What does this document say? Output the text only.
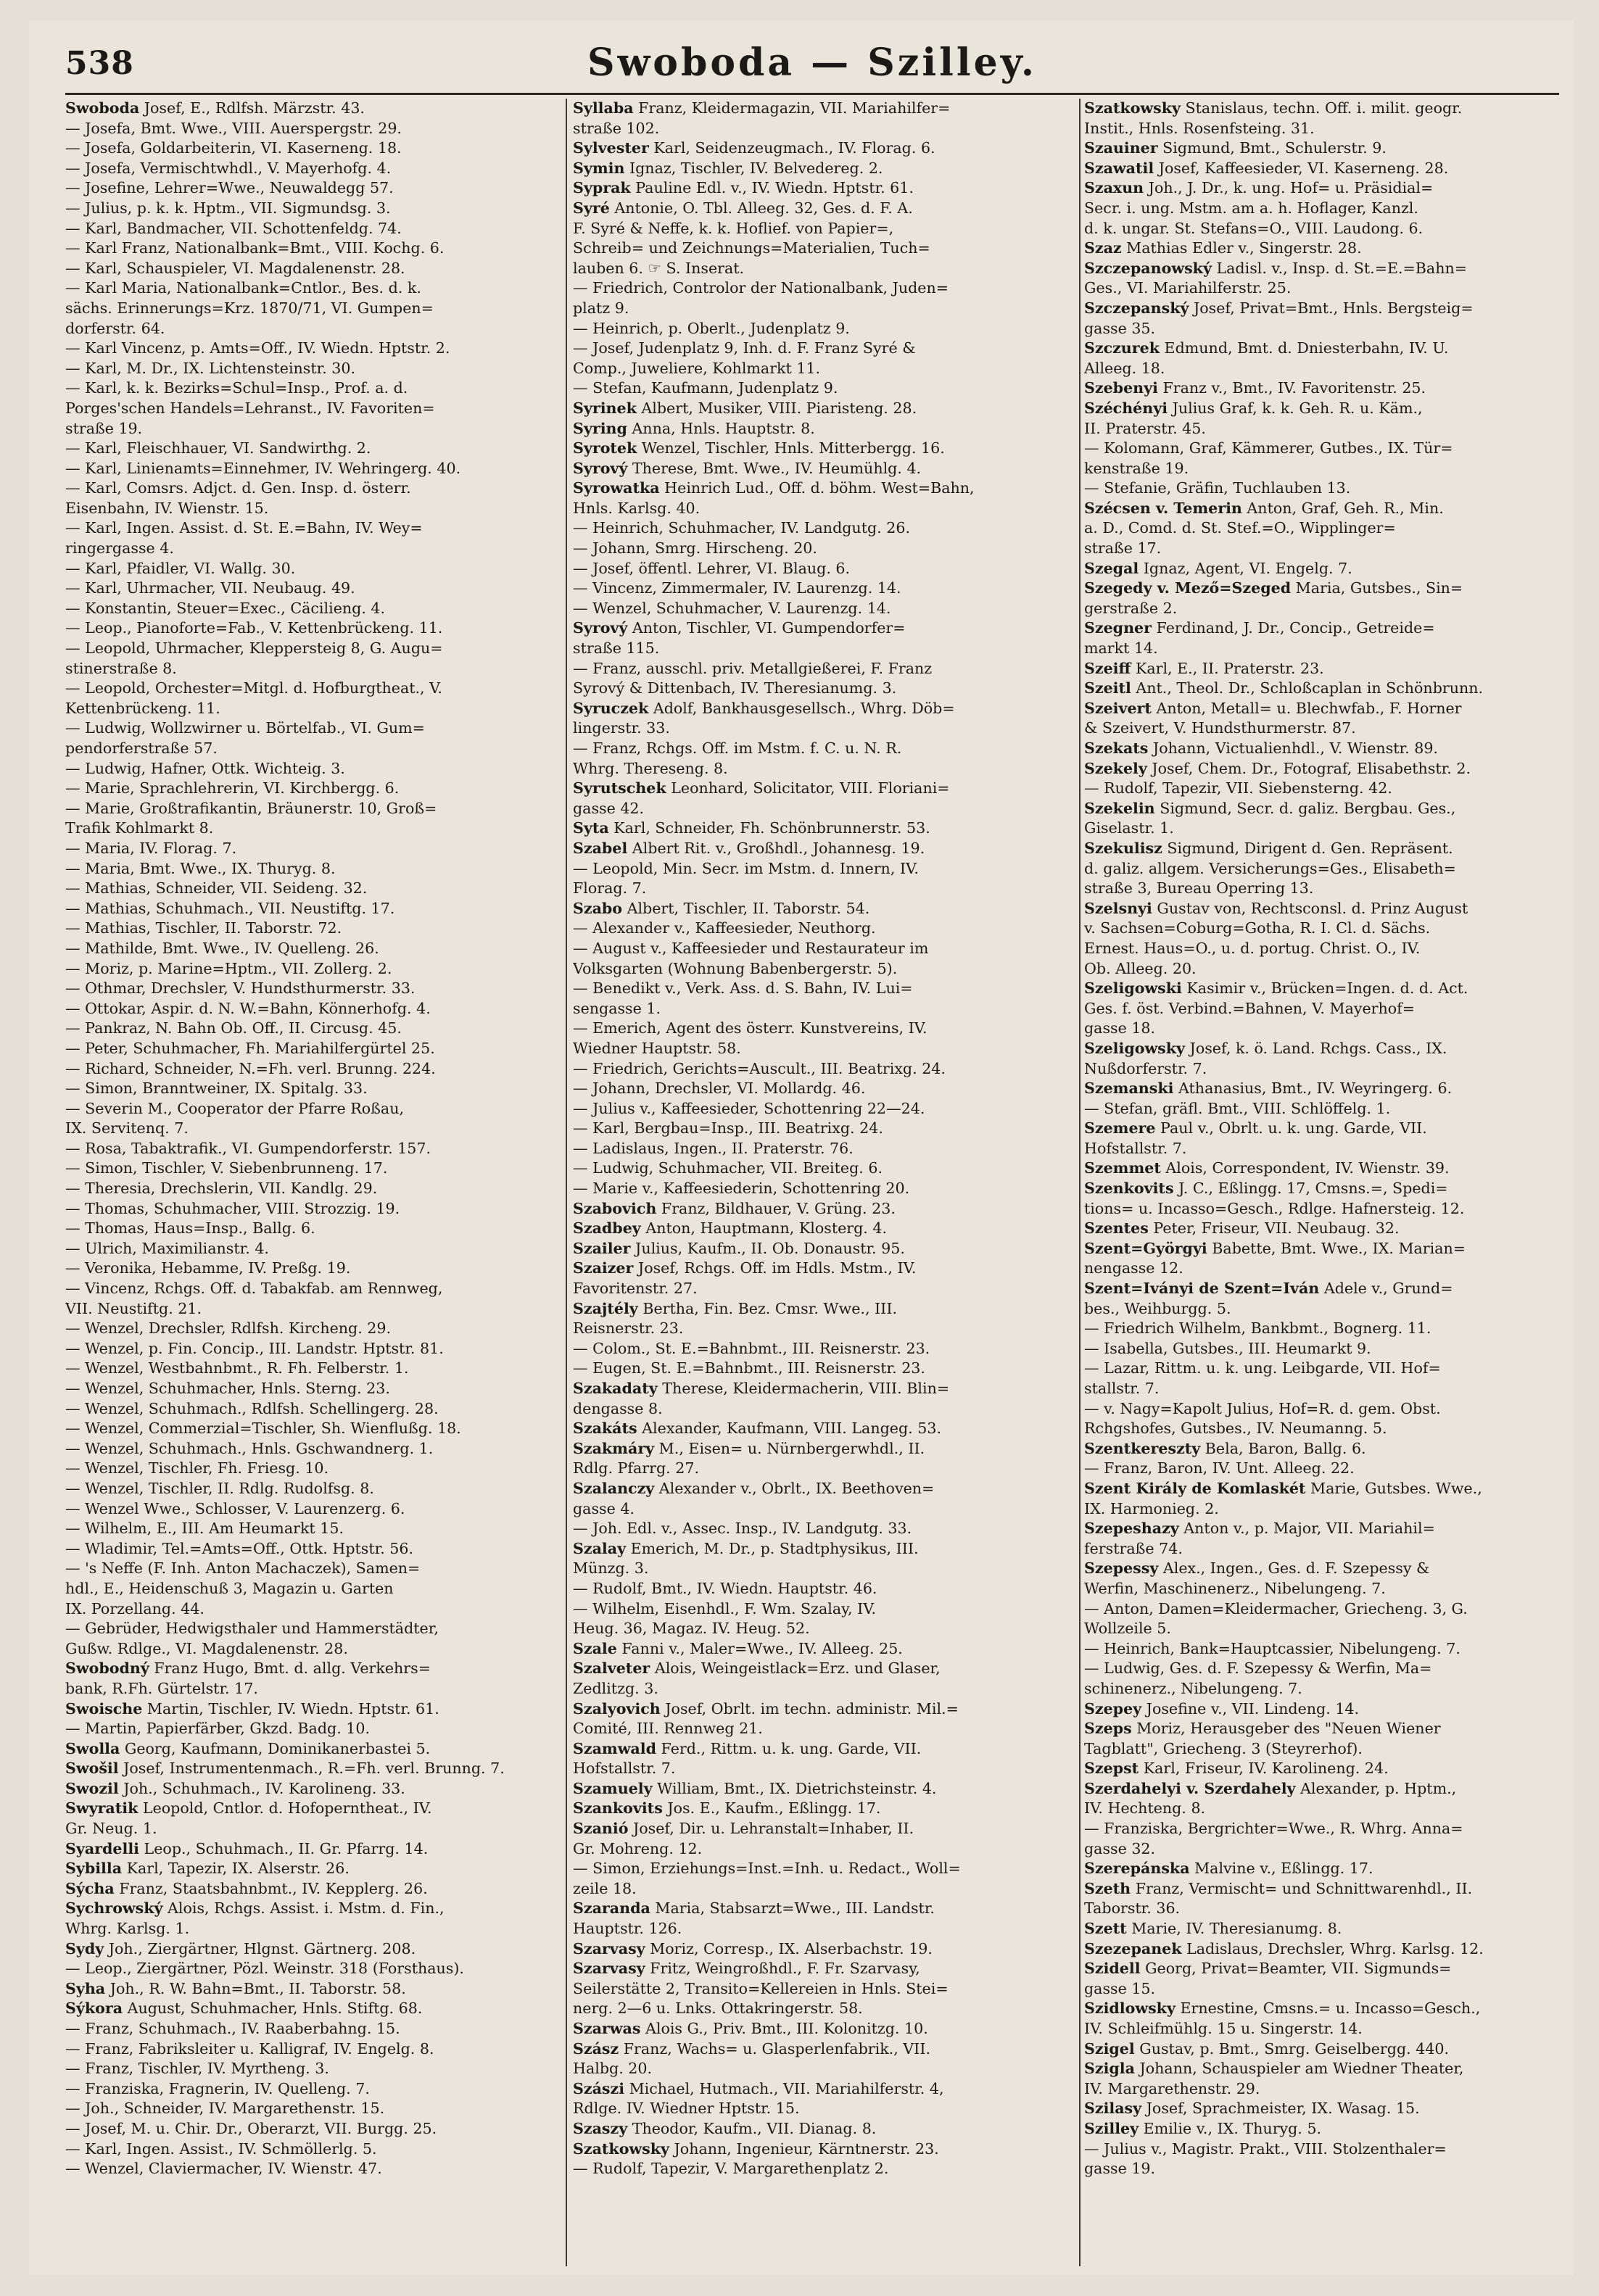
538	Swoboda — Szilley.
Swoboda Josef, E., Rdlfsh. Märzstr. 43.
— Josefa, Bmt. Wwe., VIII. Auerspergstr. 29.
— Josefa, Goldarbeiterin, VI. Kaserneng. 18.
— Josefa, Vermischtwhdl., V. Mayerhofg. 4.
— Josefine, Lehrer=Wwe., Neuwaldegg 57.
— Julius, p. k. k. Hptm., VII. Sigmundsg. 3.
— Karl, Bandmacher, VII. Schottenfeldg. 74.
— Karl Franz, Nationalbank=Bmt., VIII. Kochg. 6.
— Karl, Schauspieler, VI. Magdalenenstr. 28.
— Karl Maria, Nationalbank=Cntlor., Bes. d. k.
sächs. Erinnerungs=Krz. 1870/71, VI. Gumpen=
dorferstr. 64.
— Karl Vincenz, p. Amts=Off., IV. Wiedn. Hptstr. 2.
— Karl, M. Dr., IX. Lichtensteinstr. 30.
— Karl, k. k. Bezirks=Schul=Insp., Prof. a. d.
Porges'schen Handels=Lehranst., IV. Favoriten=
straße 19.
— Karl, Fleischhauer, VI. Sandwirthg. 2.
— Karl, Linienamts=Einnehmer, IV. Wehringerg. 40.
— Karl, Comsrs. Adjct. d. Gen. Insp. d. österr.
Eisenbahn, IV. Wienstr. 15.
— Karl, Ingen. Assist. d. St. E.=Bahn, IV. Wey=
ringergasse 4.
— Karl, Pfaidler, VI. Wallg. 30.
— Karl, Uhrmacher, VII. Neubaug. 49.
— Konstantin, Steuer=Exec., Cäcilieng. 4.
— Leop., Pianoforte=Fab., V. Kettenbrückeng. 11.
— Leopold, Uhrmacher, Kleppersteig 8, G. Augu=
stinerstraße 8.
— Leopold, Orchester=Mitgl. d. Hofburgtheat., V.
Kettenbrückeng. 11.
— Ludwig, Wollzwirner u. Börtelfab., VI. Gum=
pendorferstraße 57.
— Ludwig, Hafner, Ottk. Wichteig. 3.
— Marie, Sprachlehrerin, VI. Kirchbergg. 6.
— Marie, Großtrafikantin, Bräunerstr. 10, Groß=
Trafik Kohlmarkt 8.
— Maria, IV. Florag. 7.
— Maria, Bmt. Wwe., IX. Thuryg. 8.
— Mathias, Schneider, VII. Seideng. 32.
— Mathias, Schuhmach., VII. Neustiftg. 17.
— Mathias, Tischler, II. Taborstr. 72.
— Mathilde, Bmt. Wwe., IV. Quelleng. 26.
— Moriz, p. Marine=Hptm., VII. Zollerg. 2.
— Othmar, Drechsler, V. Hundsthurmerstr. 33.
— Ottokar, Aspir. d. N. W.=Bahn, Könnerhofg. 4.
— Pankraz, N. Bahn Ob. Off., II. Circusg. 45.
— Peter, Schuhmacher, Fh. Mariahilfergürtel 25.
— Richard, Schneider, N.=Fh. verl. Brunng. 224.
— Simon, Branntweiner, IX. Spitalg. 33.
— Severin M., Cooperator der Pfarre Roßau,
IX. Servitenq. 7.
— Rosa, Tabaktrafik., VI. Gumpendorferstr. 157.
— Simon, Tischler, V. Siebenbrunneng. 17.
— Theresia, Drechslerin, VII. Kandlg. 29.
— Thomas, Schuhmacher, VIII. Strozzig. 19.
— Thomas, Haus=Insp., Ballg. 6.
— Ulrich, Maximilianstr. 4.
— Veronika, Hebamme, IV. Preßg. 19.
— Vincenz, Rchgs. Off. d. Tabakfab. am Rennweg,
VII. Neustiftg. 21.
— Wenzel, Drechsler, Rdlfsh. Kircheng. 29.
— Wenzel, p. Fin. Concip., III. Landstr. Hptstr. 81.
— Wenzel, Westbahnbmt., R. Fh. Felberstr. 1.
— Wenzel, Schuhmacher, Hnls. Sterng. 23.
— Wenzel, Schuhmach., Rdlfsh. Schellingerg. 28.
— Wenzel, Commerzial=Tischler, Sh. Wienflußg. 18.
— Wenzel, Schuhmach., Hnls. Gschwandnerg. 1.
— Wenzel, Tischler, Fh. Friesg. 10.
— Wenzel, Tischler, II. Rdlg. Rudolfsg. 8.
— Wenzel Wwe., Schlosser, V. Laurenzerg. 6.
— Wilhelm, E., III. Am Heumarkt 15.
— Wladimir, Tel.=Amts=Off., Ottk. Hptstr. 56.
— 's Neffe (F. Inh. Anton Machaczek), Samen=
hdl., E., Heidenschuß 3, Magazin u. Garten
IX. Porzellang. 44.
— Gebrüder, Hedwigsthaler und Hammerstädter,
Gußw. Rdlge., VI. Magdalenenstr. 28.
Swobodný Franz Hugo, Bmt. d. allg. Verkehrs=
bank, R.Fh. Gürtelstr. 17.
Swoische Martin, Tischler, IV. Wiedn. Hptstr. 61.
— Martin, Papierfärber, Gkzd. Badg. 10.
Swolla Georg, Kaufmann, Dominikanerbastei 5.
Swošil Josef, Instrumentenmach., R.=Fh. verl. Brunng. 7.
Swozil Joh., Schuhmach., IV. Karolineng. 33.
Swyratik Leopold, Cntlor. d. Hofoperntheat., IV.
Gr. Neug. 1.
Syardelli Leop., Schuhmach., II. Gr. Pfarrg. 14.
Sybilla Karl, Tapezir, IX. Alserstr. 26.
Sýcha Franz, Staatsbahnbmt., IV. Kepplerg. 26.
Sychrowský Alois, Rchgs. Assist. i. Mstm. d. Fin.,
Whrg. Karlsg. 1.
Sydy Joh., Ziergärtner, Hlgnst. Gärtnerg. 208.
— Leop., Ziergärtner, Pözl. Weinstr. 318 (Forsthaus).
Syha Joh., R. W. Bahn=Bmt., II. Taborstr. 58.
Sýkora August, Schuhmacher, Hnls. Stiftg. 68.
— Franz, Schuhmach., IV. Raaberbahng. 15.
— Franz, Fabriksleiter u. Kalligraf, IV. Engelg. 8.
— Franz, Tischler, IV. Myrtheng. 3.
— Franziska, Fragnerin, IV. Quelleng. 7.
— Joh., Schneider, IV. Margarethenstr. 15.
— Josef, M. u. Chir. Dr., Oberarzt, VII. Burgg. 25.
— Karl, Ingen. Assist., IV. Schmöllerlg. 5.
— Wenzel, Claviermacher, IV. Wienstr. 47.
Syllaba Franz, Kleidermagazin, VII. Mariahilfer=
straße 102.
Sylvester Karl, Seidenzeugmach., IV. Florag. 6.
Symin Ignaz, Tischler, IV. Belvedereg. 2.
Syprak Pauline Edl. v., IV. Wiedn. Hptstr. 61.
Syré Antonie, O. Tbl. Alleeg. 32, Ges. d. F. A.
F. Syré & Neffe, k. k. Hoflief. von Papier=,
Schreib= und Zeichnungs=Materialien, Tuch=
lauben 6. ☞ S. Inserat.
— Friedrich, Controlor der Nationalbank, Juden=
platz 9.
— Heinrich, p. Oberlt., Judenplatz 9.
— Josef, Judenplatz 9, Inh. d. F. Franz Syré &
Comp., Juweliere, Kohlmarkt 11.
— Stefan, Kaufmann, Judenplatz 9.
Syrinek Albert, Musiker, VIII. Piaristeng. 28.
Syring Anna, Hnls. Hauptstr. 8.
Syrotek Wenzel, Tischler, Hnls. Mitterbergg. 16.
Syrový Therese, Bmt. Wwe., IV. Heumühlg. 4.
Syrowatka Heinrich Lud., Off. d. böhm. West=Bahn,
Hnls. Karlsg. 40.
— Heinrich, Schuhmacher, IV. Landgutg. 26.
— Johann, Smrg. Hirscheng. 20.
— Josef, öffentl. Lehrer, VI. Blaug. 6.
— Vincenz, Zimmermaler, IV. Laurenzg. 14.
— Wenzel, Schuhmacher, V. Laurenzg. 14.
Syrový Anton, Tischler, VI. Gumpendorfer=
straße 115.
— Franz, ausschl. priv. Metallgießerei, F. Franz
Syrový & Dittenbach, IV. Theresianumg. 3.
Syruczek Adolf, Bankhausgesellsch., Whrg. Döb=
lingerstr. 33.
— Franz, Rchgs. Off. im Mstm. f. C. u. N. R.
Whrg. Thereseng. 8.
Syrutschek Leonhard, Solicitator, VIII. Floriani=
gasse 42.
Syta Karl, Schneider, Fh. Schönbrunnerstr. 53.
Szabel Albert Rit. v., Großhdl., Johannesg. 19.
— Leopold, Min. Secr. im Mstm. d. Innern, IV.
Florag. 7.
Szabo Albert, Tischler, II. Taborstr. 54.
— Alexander v., Kaffeesieder, Neuthorg.
— August v., Kaffeesieder und Restaurateur im
Volksgarten (Wohnung Babenbergerstr. 5).
— Benedikt v., Verk. Ass. d. S. Bahn, IV. Lui=
sengasse 1.
— Emerich, Agent des österr. Kunstvereins, IV.
Wiedner Hauptstr. 58.
— Friedrich, Gerichts=Auscult., III. Beatrixg. 24.
— Johann, Drechsler, VI. Mollardg. 46.
— Julius v., Kaffeesieder, Schottenring 22—24.
— Karl, Bergbau=Insp., III. Beatrixg. 24.
— Ladislaus, Ingen., II. Praterstr. 76.
— Ludwig, Schuhmacher, VII. Breiteg. 6.
— Marie v., Kaffeesiederin, Schottenring 20.
Szabovich Franz, Bildhauer, V. Grüng. 23.
Szadbey Anton, Hauptmann, Klosterg. 4.
Szailer Julius, Kaufm., II. Ob. Donaustr. 95.
Szaizer Josef, Rchgs. Off. im Hdls. Mstm., IV.
Favoritenstr. 27.
Szajtély Bertha, Fin. Bez. Cmsr. Wwe., III.
Reisnerstr. 23.
— Colom., St. E.=Bahnbmt., III. Reisnerstr. 23.
— Eugen, St. E.=Bahnbmt., III. Reisnerstr. 23.
Szakadaty Therese, Kleidermacherin, VIII. Blin=
dengasse 8.
Szakáts Alexander, Kaufmann, VIII. Langeg. 53.
Szakmáry M., Eisen= u. Nürnbergerwhdl., II.
Rdlg. Pfarrg. 27.
Szalanczy Alexander v., Obrlt., IX. Beethoven=
gasse 4.
— Joh. Edl. v., Assec. Insp., IV. Landgutg. 33.
Szalay Emerich, M. Dr., p. Stadtphysikus, III.
Münzg. 3.
— Rudolf, Bmt., IV. Wiedn. Hauptstr. 46.
— Wilhelm, Eisenhdl., F. Wm. Szalay, IV.
Heug. 36, Magaz. IV. Heug. 52.
Szale Fanni v., Maler=Wwe., IV. Alleeg. 25.
Szalveter Alois, Weingeistlack=Erz. und Glaser,
Zedlitzg. 3.
Szalyovich Josef, Obrlt. im techn. administr. Mil.=
Comité, III. Rennweg 21.
Szamwald Ferd., Rittm. u. k. ung. Garde, VII.
Hofstallstr. 7.
Szamuely William, Bmt., IX. Dietrichsteinstr. 4.
Szankovits Jos. E., Kaufm., Eßlingg. 17.
Szanió Josef, Dir. u. Lehranstalt=Inhaber, II.
Gr. Mohreng. 12.
— Simon, Erziehungs=Inst.=Inh. u. Redact., Woll=
zeile 18.
Szaranda Maria, Stabsarzt=Wwe., III. Landstr.
Hauptstr. 126.
Szarvasy Moriz, Corresp., IX. Alserbachstr. 19.
Szarvasy Fritz, Weingroßhdl., F. Fr. Szarvasy,
Seilerstätte 2, Transito=Kellereien in Hnls. Stei=
nerg. 2—6 u. Lnks. Ottakringerstr. 58.
Szarwas Alois G., Priv. Bmt., III. Kolonitzg. 10.
Szász Franz, Wachs= u. Glasperlenfabrik., VII.
Halbg. 20.
Szászi Michael, Hutmach., VII. Mariahilferstr. 4,
Rdlge. IV. Wiedner Hptstr. 15.
Szaszy Theodor, Kaufm., VII. Dianag. 8.
Szatkowsky Johann, Ingenieur, Kärntnerstr. 23.
— Rudolf, Tapezir, V. Margarethenplatz 2.
Szatkowsky Stanislaus, techn. Off. i. milit. geogr.
Instit., Hnls. Rosenfsteing. 31.
Szauiner Sigmund, Bmt., Schulerstr. 9.
Szawatil Josef, Kaffeesieder, VI. Kaserneng. 28.
Szaxun Joh., J. Dr., k. ung. Hof= u. Präsidial=
Secr. i. ung. Mstm. am a. h. Hoflager, Kanzl.
d. k. ungar. St. Stefans=O., VIII. Laudong. 6.
Szaz Mathias Edler v., Singerstr. 28.
Szczepanowský Ladisl. v., Insp. d. St.=E.=Bahn=
Ges., VI. Mariahilferstr. 25.
Szczepanský Josef, Privat=Bmt., Hnls. Bergsteig=
gasse 35.
Szczurek Edmund, Bmt. d. Dniesterbahn, IV. U.
Alleeg. 18.
Szebenyi Franz v., Bmt., IV. Favoritenstr. 25.
Széchényi Julius Graf, k. k. Geh. R. u. Käm.,
II. Praterstr. 45.
— Kolomann, Graf, Kämmerer, Gutbes., IX. Tür=
kenstraße 19.
— Stefanie, Gräfin, Tuchlauben 13.
Szécsen v. Temerin Anton, Graf, Geh. R., Min.
a. D., Comd. d. St. Stef.=O., Wipplinger=
straße 17.
Szegal Ignaz, Agent, VI. Engelg. 7.
Szegedy v. Mező=Szeged Maria, Gutsbes., Sin=
gerstraße 2.
Szegner Ferdinand, J. Dr., Concip., Getreide=
markt 14.
Szeiff Karl, E., II. Praterstr. 23.
Szeitl Ant., Theol. Dr., Schloßcaplan in Schönbrunn.
Szeivert Anton, Metall= u. Blechwfab., F. Horner
& Szeivert, V. Hundsthurmerstr. 87.
Szekats Johann, Victualienhdl., V. Wienstr. 89.
Szekely Josef, Chem. Dr., Fotograf, Elisabethstr. 2.
— Rudolf, Tapezir, VII. Siebensterng. 42.
Szekelin Sigmund, Secr. d. galiz. Bergbau. Ges.,
Giselastr. 1.
Szekulisz Sigmund, Dirigent d. Gen. Repräsent.
d. galiz. allgem. Versicherungs=Ges., Elisabeth=
straße 3, Bureau Operring 13.
Szelsnyi Gustav von, Rechtsconsl. d. Prinz August
v. Sachsen=Coburg=Gotha, R. I. Cl. d. Sächs.
Ernest. Haus=O., u. d. portug. Christ. O., IV.
Ob. Alleeg. 20.
Szeligowski Kasimir v., Brücken=Ingen. d. d. Act.
Ges. f. öst. Verbind.=Bahnen, V. Mayerhof=
gasse 18.
Szeligowsky Josef, k. ö. Land. Rchgs. Cass., IX.
Nußdorferstr. 7.
Szemanski Athanasius, Bmt., IV. Weyringerg. 6.
— Stefan, gräfl. Bmt., VIII. Schlöffelg. 1.
Szemere Paul v., Obrlt. u. k. ung. Garde, VII.
Hofstallstr. 7.
Szemmet Alois, Correspondent, IV. Wienstr. 39.
Szenkovits J. C., Eßlingg. 17, Cmsns.=, Spedi=
tions= u. Incasso=Gesch., Rdlge. Hafnersteig. 12.
Szentes Peter, Friseur, VII. Neubaug. 32.
Szent=Györgyi Babette, Bmt. Wwe., IX. Marian=
nengasse 12.
Szent=Iványi de Szent=Iván Adele v., Grund=
bes., Weihburgg. 5.
— Friedrich Wilhelm, Bankbmt., Bognerg. 11.
— Isabella, Gutsbes., III. Heumarkt 9.
— Lazar, Rittm. u. k. ung. Leibgarde, VII. Hof=
stallstr. 7.
— v. Nagy=Kapolt Julius, Hof=R. d. gem. Obst.
Rchgshofes, Gutsbes., IV. Neumanng. 5.
Szentkereszty Bela, Baron, Ballg. 6.
— Franz, Baron, IV. Unt. Alleeg. 22.
Szent Király de Komlaskét Marie, Gutsbes. Wwe.,
IX. Harmonieg. 2.
Szepeshazy Anton v., p. Major, VII. Mariahil=
ferstraße 74.
Szepessy Alex., Ingen., Ges. d. F. Szepessy &
Werfin, Maschinenerz., Nibelungeng. 7.
— Anton, Damen=Kleidermacher, Griecheng. 3, G.
Wollzeile 5.
— Heinrich, Bank=Hauptcassier, Nibelungeng. 7.
— Ludwig, Ges. d. F. Szepessy & Werfin, Ma=
schinenerz., Nibelungeng. 7.
Szepey Josefine v., VII. Lindeng. 14.
Szeps Moriz, Herausgeber des "Neuen Wiener
Tagblatt", Griecheng. 3 (Steyrerhof).
Szepst Karl, Friseur, IV. Karolineng. 24.
Szerdahelyi v. Szerdahely Alexander, p. Hptm.,
IV. Hechteng. 8.
— Franziska, Bergrichter=Wwe., R. Whrg. Anna=
gasse 32.
Szerepánska Malvine v., Eßlingg. 17.
Szeth Franz, Vermischt= und Schnittwarenhdl., II.
Taborstr. 36.
Szett Marie, IV. Theresianumg. 8.
Szezepanek Ladislaus, Drechsler, Whrg. Karlsg. 12.
Szidell Georg, Privat=Beamter, VII. Sigmunds=
gasse 15.
Szidlowsky Ernestine, Cmsns.= u. Incasso=Gesch.,
IV. Schleifmühlg. 15 u. Singerstr. 14.
Szigel Gustav, p. Bmt., Smrg. Geiselbergg. 440.
Szigla Johann, Schauspieler am Wiedner Theater,
IV. Margarethenstr. 29.
Szilasy Josef, Sprachmeister, IX. Wasag. 15.
Szilley Emilie v., IX. Thuryg. 5.
— Julius v., Magistr. Prakt., VIII. Stolzenthaler=
gasse 19.
